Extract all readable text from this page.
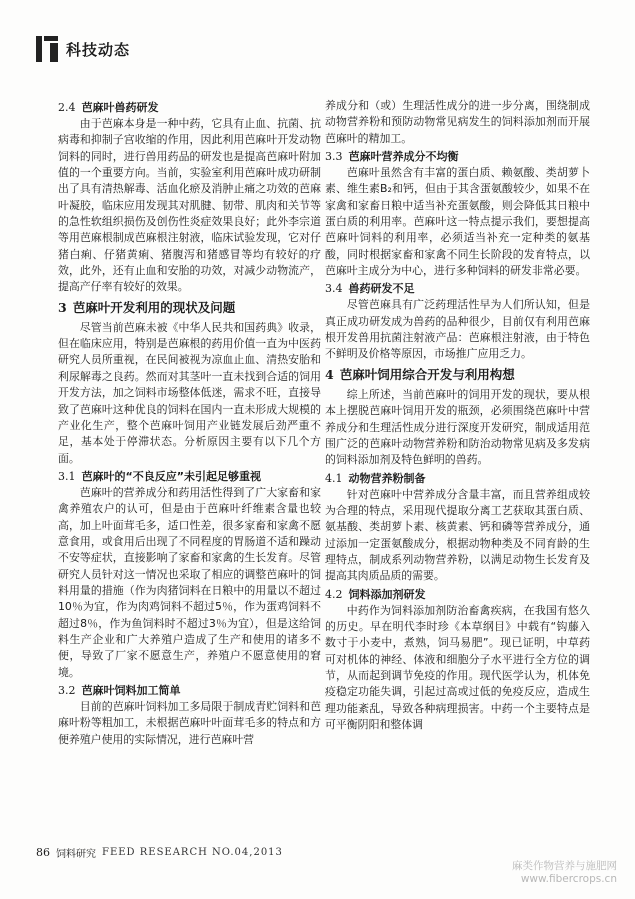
科技动态
2.4 芭麻叶兽药研发

由于芭麻本身是一种中药，它具有止血、抗菌、抗病毒和抑制子宫收缩的作用，因此利用芭麻叶开发动物饲料的同时，进行兽用药品的研发也是提高芭麻叶附加值的一个重要方向。当前，实验室利用芭麻叶成功研制出了具有清热解毒、活血化瘀及消肿止痛之功效的芭麻叶凝胶，临床应用发现其对肌腱、韧带、肌肉和关节等的急性软组织损伤及创伤性炎症效果良好；此外李宗道等用芭麻根制成芭麻根注射液，临床试验发现，它对仔猪白痢、仔猪黄痢、猪腹泻和猪感冒等均有较好的疗效，此外，还有止血和安胎的功效，对减少动物流产，提高产仔率有较好的效果。

3 芭麻叶开发利用的现状及问题

尽管当前芭麻未被《中华人民共和国药典》收录，但在临床应用，特别是芭麻根的药用价值一直为中医药研究人员所重视，在民间被视为凉血止血、清热安胎和利尿解毒之良药。然而对其茎叶一直未找到合适的饲用开发方法，加之饲料市场整体低迷，需求不旺，直接导致了芭麻叶这种优良的饲料在国内一直未形成大规模的产业化生产，整个芭麻叶饲用产业链发展后劲严重不足，基本处于停滞状态。分析原因主要有以下几个方面。

3.1 芭麻叶的“不良反应”未引起足够重视

芭麻叶的营养成分和药用活性得到了广大家畜和家禽养殖农户的认可，但是由于芭麻叶纤维素含量也较高，加上叶面茸毛多，适口性差，很多家畜和家禽不愿意食用，或食用后出现了不同程度的胃肠道不适和躁动不安等症状，直接影响了家畜和家禽的生长发育。尽管研究人员针对这一情况也采取了相应的调整芭麻叶的饲料用量的措施（作为肉猪饲料在日粮中的用量以不超过10％为宜，作为肉鸡饲料不超过5％，作为蛋鸡饲料不超过8％，作为鱼饲料时不超过3％为宜），但是这给饲料生产企业和广大养殖户造成了生产和使用的诸多不便，导致了厂家不愿意生产，养殖户不愿意使用的窘境。

3.2 芭麻叶饲料加工简单

目前的芭麻叶饲料加工多局限于制成青贮饲料和芭麻叶粉等粗加工，未根据芭麻叶叶面茸毛多的特点和方便养殖户使用的实际情况，进行芭麻叶营

养成分和（或）生理活性成分的进一步分离，围绕制成动物营养粉和预防动物常见病发生的饲料添加剂而开展芭麻叶的精加工。

3.3 芭麻叶营养成分不均衡

芭麻叶虽然含有丰富的蛋白质、赖氨酸、类胡萝卜素、维生素B₂和钙，但由于其含蛋氨酸较少，如果不在家禽和家畜日粮中适当补充蛋氨酸，则会降低其日粮中蛋白质的利用率。芭麻叶这一特点提示我们，要想提高芭麻叶饲料的利用率，必须适当补充一定种类的氨基酸，同时根据家畜和家禽不同生长阶段的发育特点，以芭麻叶主成分为中心，进行多种饲料的研发非常必要。

3.4 兽药研发不足

尽管芭麻具有广泛药理活性早为人们所认知，但是真正成功研发成为兽药的品种很少，目前仅有利用芭麻根开发兽用抗菌注射液产品：芭麻根注射液，由于特色不鲜明及价格等原因，市场推广应用乏力。

4 芭麻叶饲用综合开发与利用构想

综上所述，当前芭麻叶的饲用开发的现状，要从根本上摆脱芭麻叶饲用开发的瓶颈，必须围绕芭麻叶中营养成分和生理活性成分进行深度开发研究，制成适用范围广泛的芭麻叶动物营养粉和防治动物常见病及多发病的饲料添加剂及特色鲜明的兽药。

4.1 动物营养粉制备

针对芭麻叶中营养成分含量丰富，而且营养组成较为合理的特点，采用现代提取分离工艺获取其蛋白质、氨基酸、类胡萝卜素、核黄素、钙和磷等营养成分，通过添加一定蛋氨酸成分，根据动物种类及不同育龄的生理特点，制成系列动物营养粉，以满足动物生长发育及提高其肉质品质的需要。

4.2 饲料添加剂研发

中药作为饲料添加剂防治畜禽疾病，在我国有悠久的历史。早在明代李时珍《本草纲目》中载有“钩藤入数寸于小麦中，煮熟，饲马易肥”。现已证明，中草药可对机体的神经、体液和细胞分子水平进行全方位的调节，从而起到调节免疫的作用。现代医学认为，机体免疫稳定功能失调，引起过高或过低的免疫反应，造成生理功能紊乱，导致各种病理损害。中药一个主要特点是可平衡阴阳和整体调

86 饲料研究 FEED RESEARCH NO.04,2013
麻类作物营养与施肥网
www.fibercrops.cn
